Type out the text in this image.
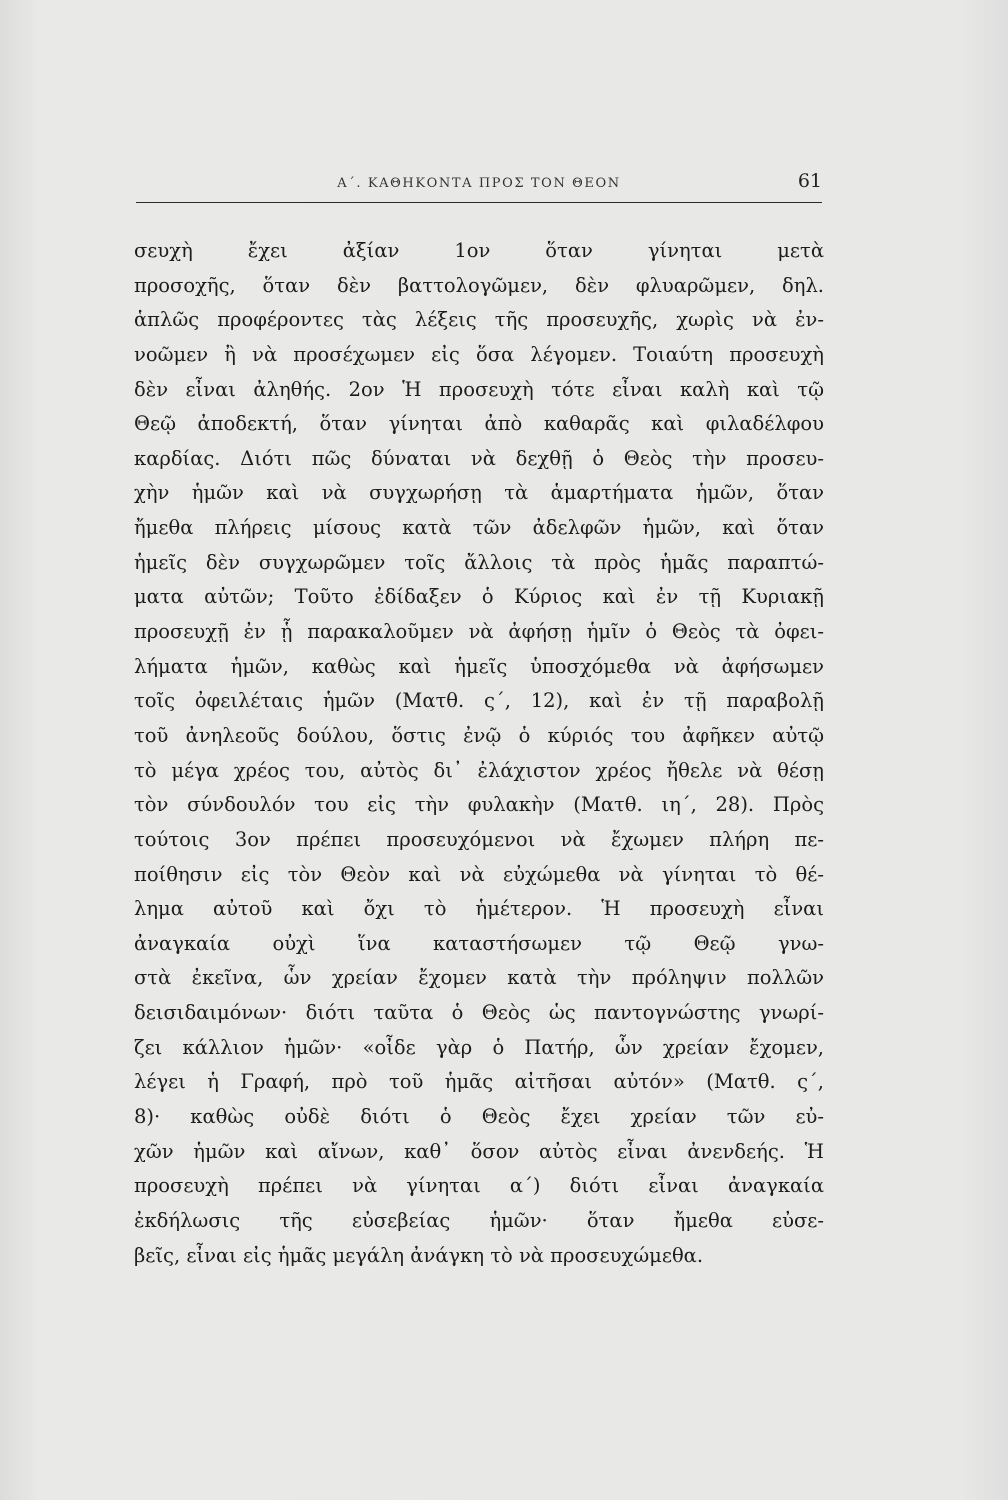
Α΄. ΚΑΘΗΚΟΝΤΑ ΠΡΟΣ ΤΟΝ ΘΕΟΝ	61
σευχὴ ἔχει ἀξίαν 1ον ὅταν γίνηται μετὰ
προσοχῆς, ὅταν δὲν βαττολογῶμεν, δὲν φλυαρῶμεν, δηλ.
ἁπλῶς προφέροντες τὰς λέξεις τῆς προσευχῆς, χωρὶς νὰ ἐν-
νοῶμεν ἢ νὰ προσέχωμεν εἰς ὅσα λέγομεν. Τοιαύτη προσευχὴ
δὲν εἶναι ἀληθής. 2ον Ἡ προσευχὴ τότε εἶναι καλὴ καὶ τῷ
Θεῷ ἀποδεκτή, ὅταν γίνηται ἀπὸ καθαρᾶς καὶ φιλαδέλφου
καρδίας. Διότι πῶς δύναται νὰ δεχθῇ ὁ Θεὸς τὴν προσευ-
χὴν ἡμῶν καὶ νὰ συγχωρήσῃ τὰ ἁμαρτήματα ἡμῶν, ὅταν
ἤμεθα πλήρεις μίσους κατὰ τῶν ἀδελφῶν ἡμῶν, καὶ ὅταν
ἡμεῖς δὲν συγχωρῶμεν τοῖς ἄλλοις τὰ πρὸς ἡμᾶς παραπτώ-
ματα αὐτῶν; Τοῦτο ἐδίδαξεν ὁ Κύριος καὶ ἐν τῇ Κυριακῇ
προσευχῇ ἐν ᾗ παρακαλοῦμεν νὰ ἀφήσῃ ἡμῖν ὁ Θεὸς τὰ ὀφει-
λήματα ἡμῶν, καθὼς καὶ ἡμεῖς ὑποσχόμεθα νὰ ἀφήσωμεν
τοῖς ὀφειλέταις ἡμῶν (Ματθ. ς΄, 12), καὶ ἐν τῇ παραβολῇ
τοῦ ἀνηλεοῦς δούλου, ὅστις ἐνῷ ὁ κύριός του ἀφῆκεν αὐτῷ
τὸ μέγα χρέος του, αὐτὸς δι᾽ ἐλάχιστον χρέος ἤθελε νὰ θέσῃ
τὸν σύνδουλόν του εἰς τὴν φυλακὴν (Ματθ. ιη΄, 28). Πρὸς
τούτοις 3ον πρέπει προσευχόμενοι νὰ ἔχωμεν πλήρη πε-
ποίθησιν εἰς τὸν Θεὸν καὶ νὰ εὐχώμεθα νὰ γίνηται τὸ θέ-
λημα αὐτοῦ καὶ ὄχι τὸ ἡμέτερον. Ἡ προσευχὴ εἶναι
ἀναγκαία οὐχὶ ἵνα καταστήσωμεν τῷ Θεῷ γνω-
στὰ ἐκεῖνα, ὧν χρείαν ἔχομεν κατὰ τὴν πρόληψιν πολλῶν
δεισιδαιμόνων· διότι ταῦτα ὁ Θεὸς ὡς παντογνώστης γνωρί-
ζει κάλλιον ἡμῶν· «οἶδε γὰρ ὁ Πατήρ, ὧν χρείαν ἔχομεν,
λέγει ἡ Γραφή, πρὸ τοῦ ἡμᾶς αἰτῆσαι αὐτόν» (Ματθ. ς΄,
8)· καθὼς οὐδὲ διότι ὁ Θεὸς ἔχει χρείαν τῶν εὐ-
χῶν ἡμῶν καὶ αἴνων, καθ᾽ ὅσον αὐτὸς εἶναι ἀνενδεής. Ἡ
προσευχὴ πρέπει νὰ γίνηται α΄) διότι εἶναι ἀναγκαία
ἐκδήλωσις τῆς εὐσεβείας ἡμῶν· ὅταν ἤμεθα εὐσε-
βεῖς, εἶναι εἰς ἡμᾶς μεγάλη ἀνάγκη τὸ νὰ προσευχώμεθα.
